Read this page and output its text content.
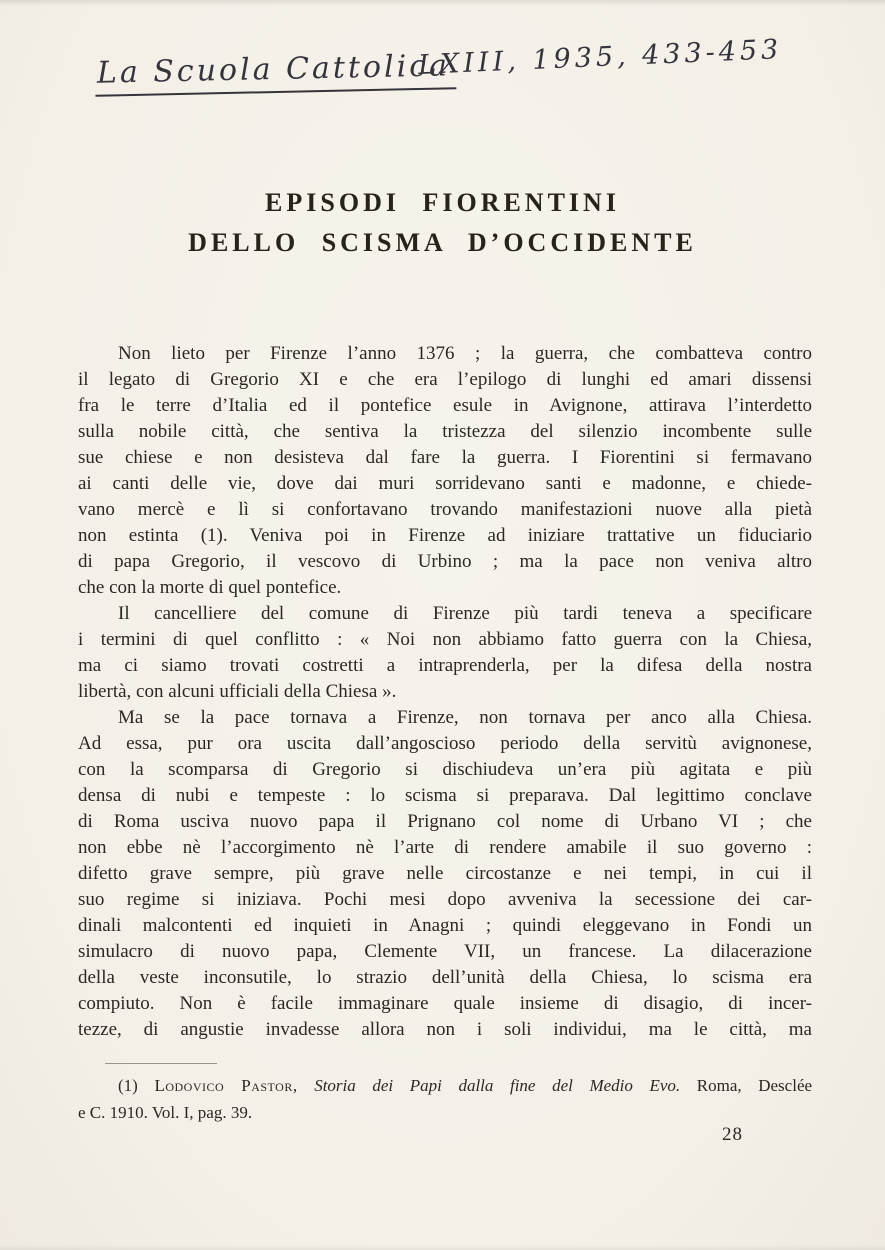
La Scuola Cattolica
LXIII, 1935, 433-453
EPISODI FIORENTINI
DELLO SCISMA D’OCCIDENTE
Non lieto per Firenze l’anno 1376 ; la guerra, che combatteva contro
il legato di Gregorio XI e che era l’epilogo di lunghi ed amari dissensi
fra le terre d’Italia ed il pontefice esule in Avignone, attirava l’interdetto
sulla nobile città, che sentiva la tristezza del silenzio incombente sulle
sue chiese e non desisteva dal fare la guerra. I Fiorentini si fermavano
ai canti delle vie, dove dai muri sorridevano santi e madonne, e chiede-
vano mercè e lì si confortavano trovando manifestazioni nuove alla pietà
non estinta (1). Veniva poi in Firenze ad iniziare trattative un fiduciario
di papa Gregorio, il vescovo di Urbino ; ma la pace non veniva altro
che con la morte di quel pontefice.
Il cancelliere del comune di Firenze più tardi teneva a specificare
i termini di quel conflitto : « Noi non abbiamo fatto guerra con la Chiesa,
ma ci siamo trovati costretti a intraprenderla, per la difesa della nostra
libertà, con alcuni ufficiali della Chiesa ».
Ma se la pace tornava a Firenze, non tornava per anco alla Chiesa.
Ad essa, pur ora uscita dall’angoscioso periodo della servitù avignonese,
con la scomparsa di Gregorio si dischiudeva un’era più agitata e più
densa di nubi e tempeste : lo scisma si preparava. Dal legittimo conclave
di Roma usciva nuovo papa il Prignano col nome di Urbano VI ; che
non ebbe nè l’accorgimento nè l’arte di rendere amabile il suo governo :
difetto grave sempre, più grave nelle circostanze e nei tempi, in cui il
suo regime si iniziava. Pochi mesi dopo avveniva la secessione dei car-
dinali malcontenti ed inquieti in Anagni ; quindi eleggevano in Fondi un
simulacro di nuovo papa, Clemente VII, un francese. La dilacerazione
della veste inconsutile, lo strazio dell’unità della Chiesa, lo scisma era
compiuto. Non è facile immaginare quale insieme di disagio, di incer-
tezze, di angustie invadesse allora non i soli individui, ma le città, ma
(1) Lodovico Pastor, Storia dei Papi dalla fine del Medio Evo. Roma, Desclée
e C. 1910. Vol. I, pag. 39.
28
